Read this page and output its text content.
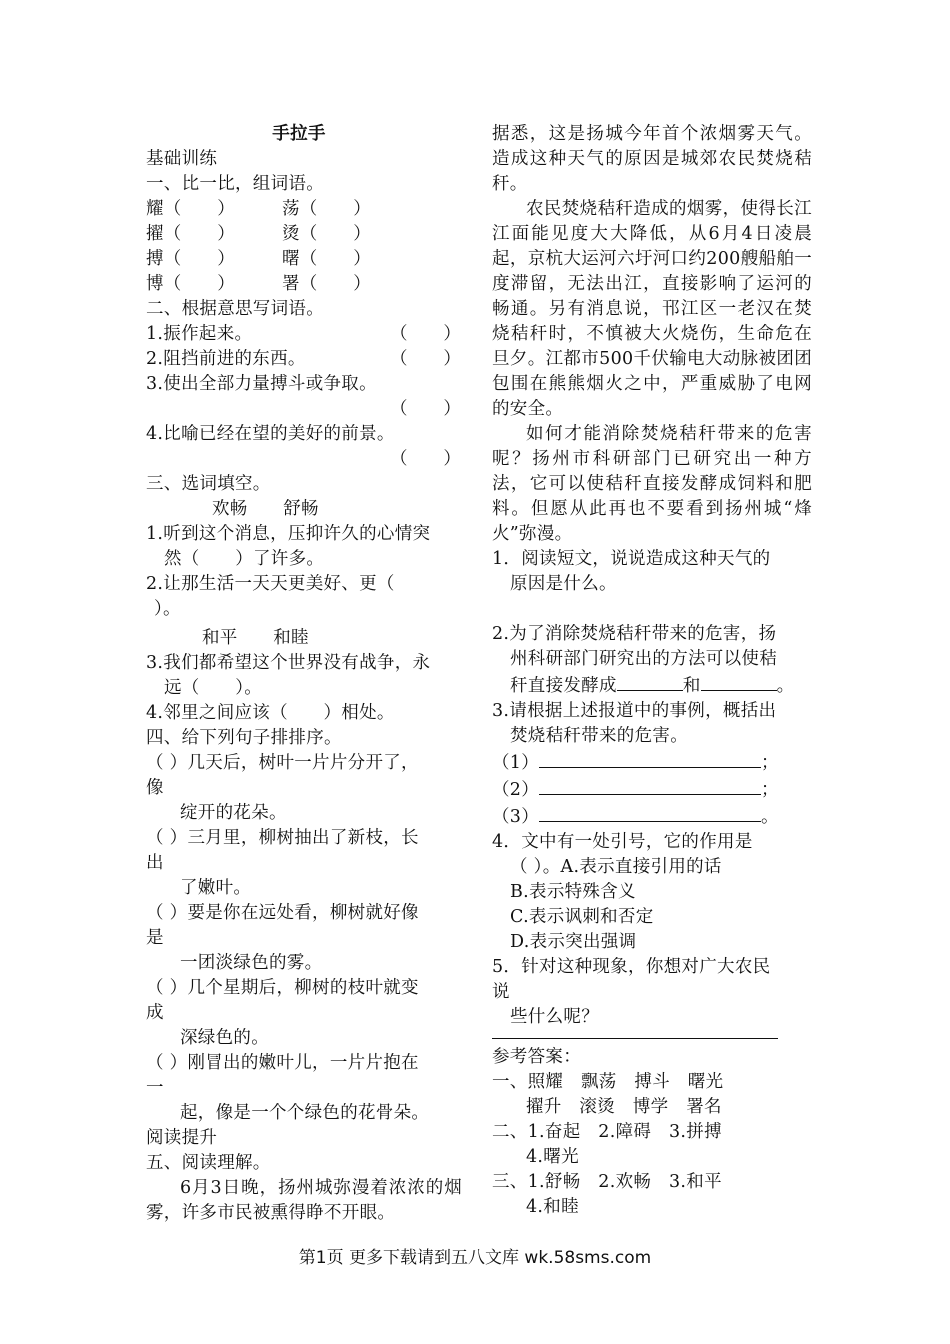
手拉手
基础训练
一、比一比，组词语。
耀（　　）	荡（　　）
擢（　　）	烫（　　）
搏（　　）	曙（　　）
博（　　）	署（　　）
二、根据意思写词语。
1.振作起来。	（　　）
2.阻挡前进的东西。	（　　）
3.使出全部力量搏斗或争取。
（　　）
4.比喻已经在望的美好的前景。
（　　）
三、选词填空。
欢畅　　舒畅
1.听到这个消息，压抑许久的心情突
然（　　）了许多。
2.让那生活一天天更美好、更（
）。
和平　　和睦
3.我们都希望这个世界没有战争，永
远（　　）。
4.邻里之间应该（　　）相处。
四、给下列句子排排序。
（ ）几天后，树叶一片片分开了，
像
绽开的花朵。
（ ）三月里，柳树抽出了新枝，长
出
了嫩叶。
（ ）要是你在远处看，柳树就好像
是
一团淡绿色的雾。
（ ）几个星期后，柳树的枝叶就变
成
深绿色的。
（ ）刚冒出的嫩叶儿，一片片抱在
一
起，像是一个个绿色的花骨朵。
阅读提升
五、阅读理解。
6月3日晚，扬州城弥漫着浓浓的烟雾，许多市民被熏得睁不开眼。
据悉，这是扬城今年首个浓烟雾天气。造成这种天气的原因是城郊农民焚烧秸秆。
农民焚烧秸秆造成的烟雾，使得长江江面能见度大大降低，从6月4日凌晨起，京杭大运河六圩河口约200艘船舶一度滞留，无法出江，直接影响了运河的畅通。另有消息说，邗江区一老汉在焚烧秸秆时，不慎被大火烧伤，生命危在旦夕。江都市500千伏输电大动脉被团团包围在熊熊烟火之中，严重威胁了电网的安全。
如何才能消除焚烧秸秆带来的危害呢？扬州市科研部门已研究出一种方法，它可以使秸秆直接发酵成饲料和肥料。但愿从此再也不要看到扬州城“烽火”弥漫。
1．阅读短文，说说造成这种天气的
原因是什么。
2.为了消除焚烧秸秆带来的危害，扬
州科研部门研究出的方法可以使秸
秆直接发酵成	和	。
3.请根据上述报道中的事例，概括出
焚烧秸秆带来的危害。
（1）	；
（2）	；
（3）	。
4．文中有一处引号，它的作用是
（ ）。A.表示直接引用的话
B.表示特殊含义
C.表示讽刺和否定
D.表示突出强调
5．针对这种现象，你想对广大农民
说
些什么呢？
参考答案：
一、照耀　飘荡　搏斗　曙光
擢升　滚烫　博学　署名
二、1.奋起　2.障碍　3.拼搏
4.曙光
三、1.舒畅　2.欢畅　3.和平
4.和睦
第1页 更多下载请到五八文库 wk.58sms.com
